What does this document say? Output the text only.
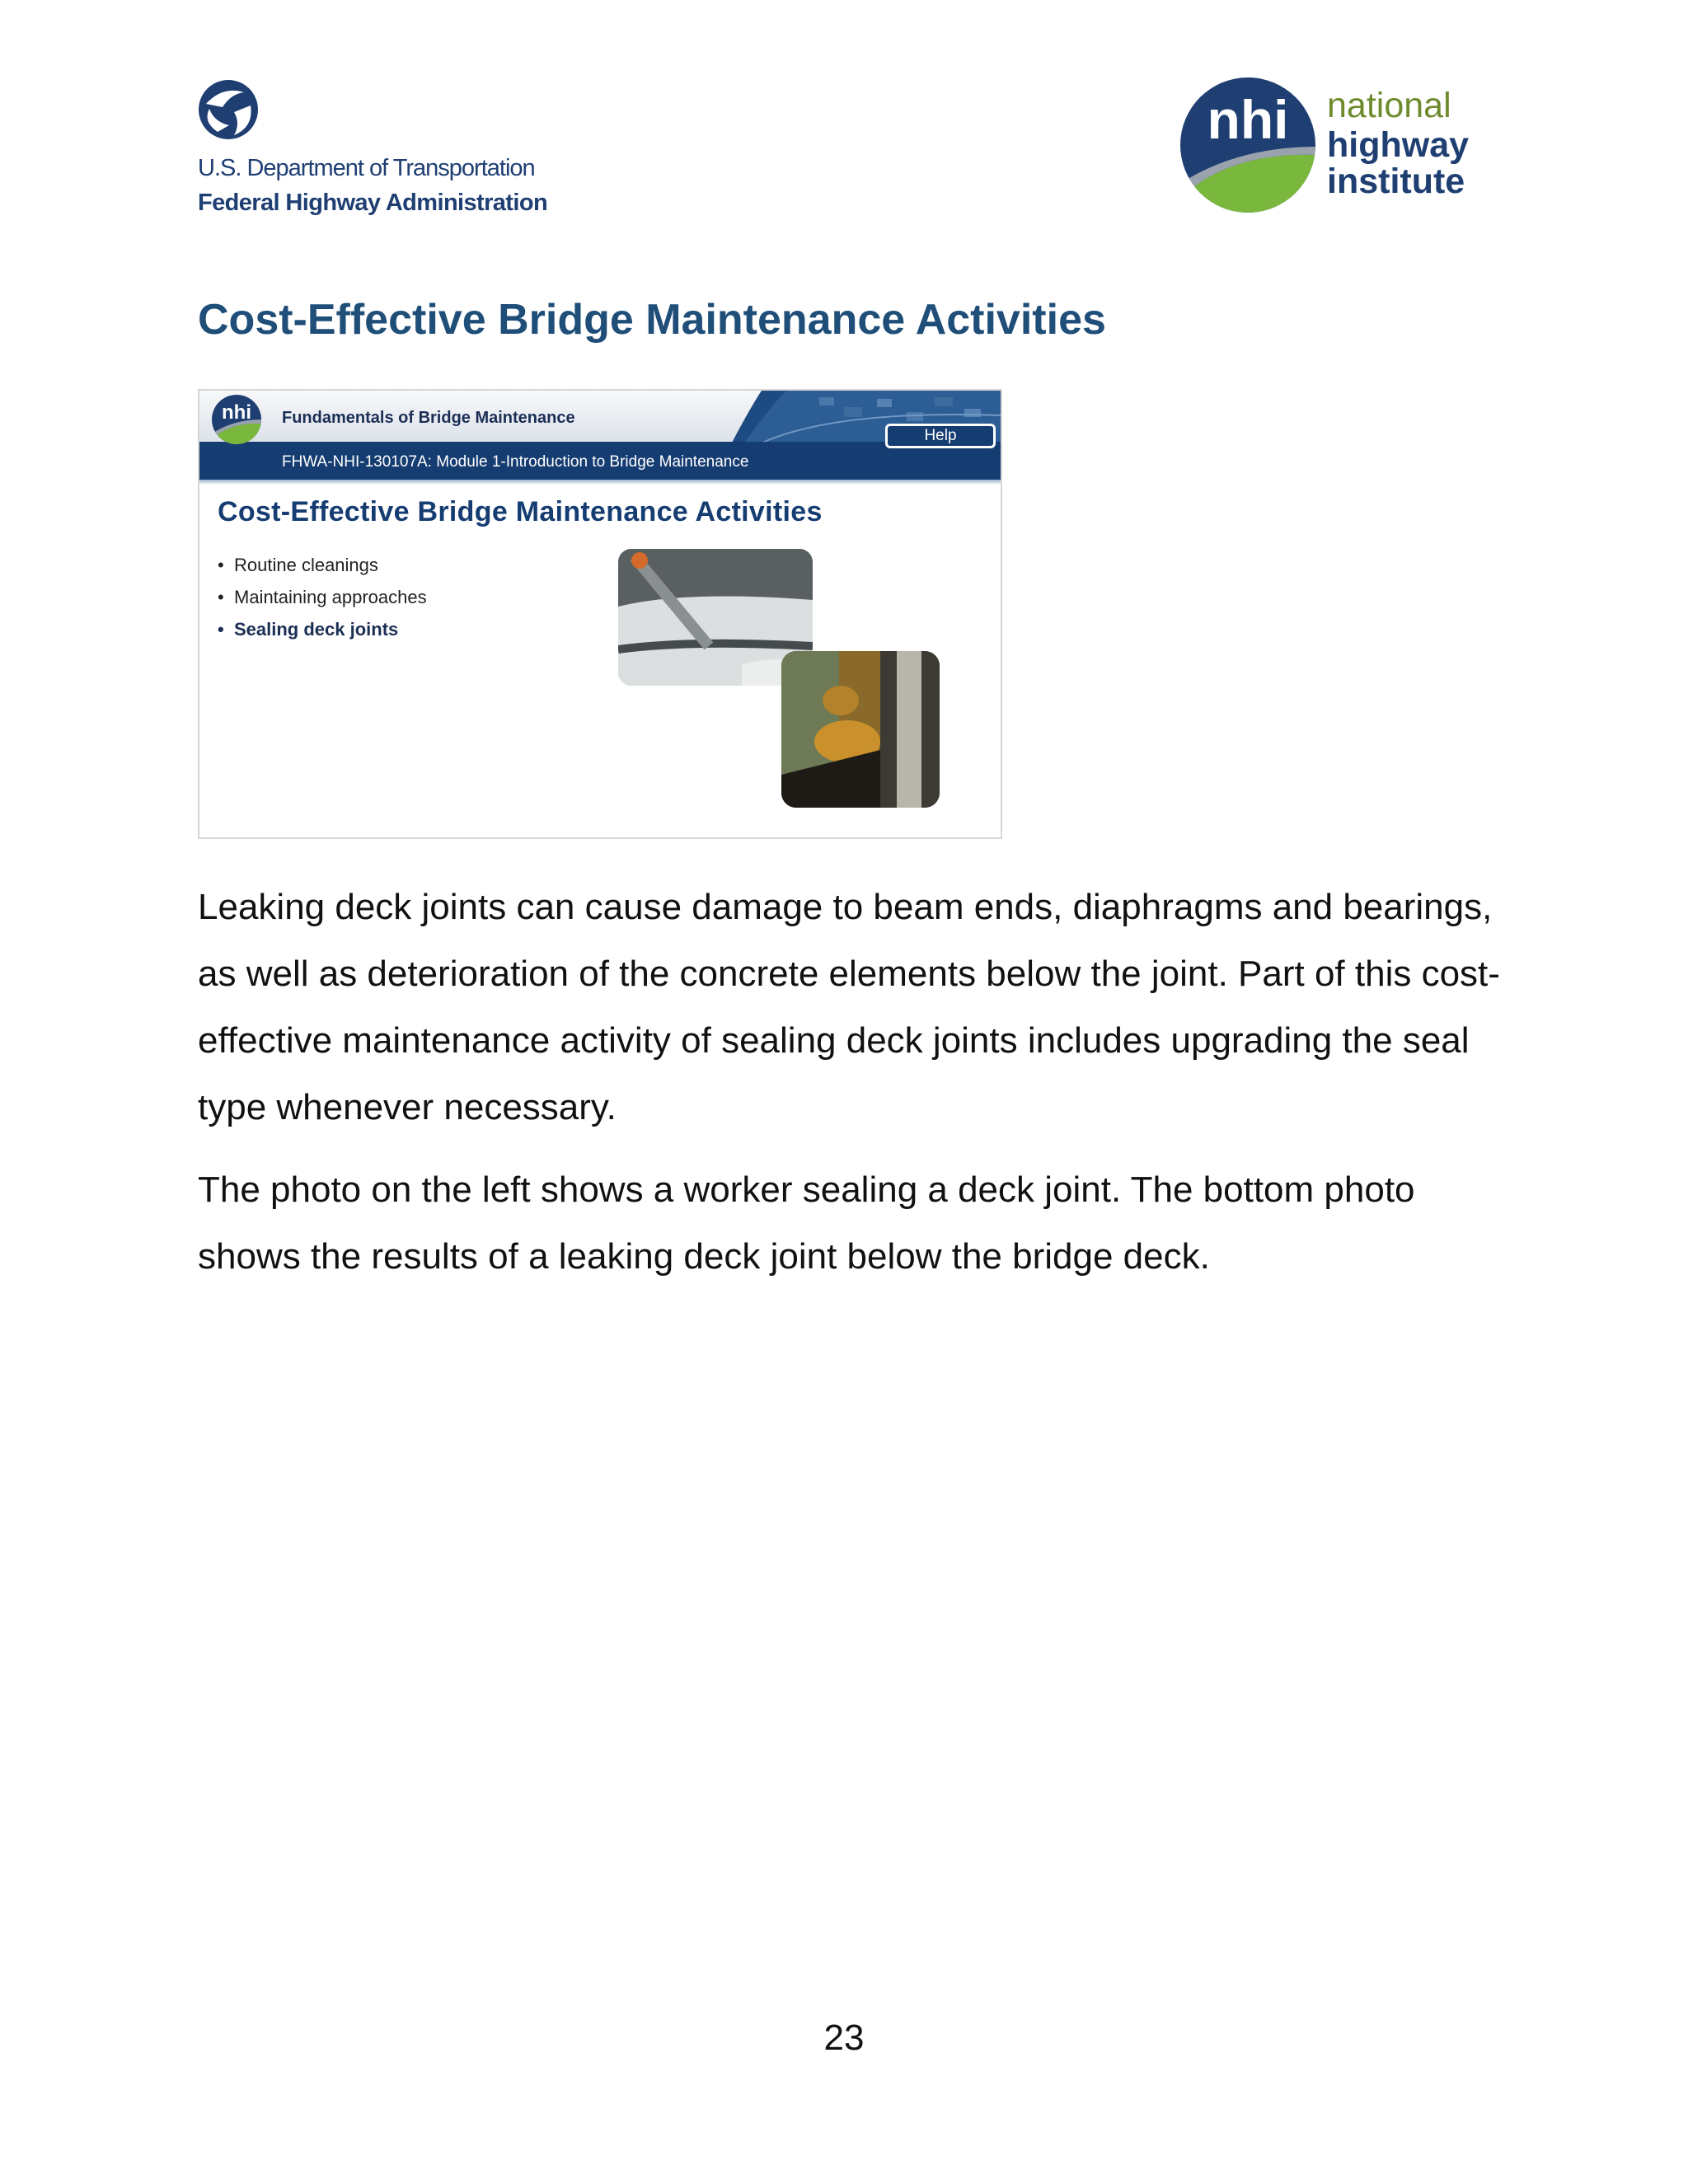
U.S. Department of Transportation
Federal Highway Administration
nhi national
highway
institute
Cost-Effective Bridge Maintenance Activities
nhi Fundamentals of Bridge Maintenance
FHWA-NHI-130107A: Module 1-Introduction to Bridge Maintenance
Help
Cost-Effective Bridge Maintenance Activities
• Routine cleanings
• Maintaining approaches
• Sealing deck joints

Leaking deck joints can cause damage to beam ends, diaphragms and bearings, as well as deterioration of the concrete elements below the joint. Part of this cost-effective maintenance activity of sealing deck joints includes upgrading the seal type whenever necessary.

The photo on the left shows a worker sealing a deck joint. The bottom photo shows the results of a leaking deck joint below the bridge deck.

23
